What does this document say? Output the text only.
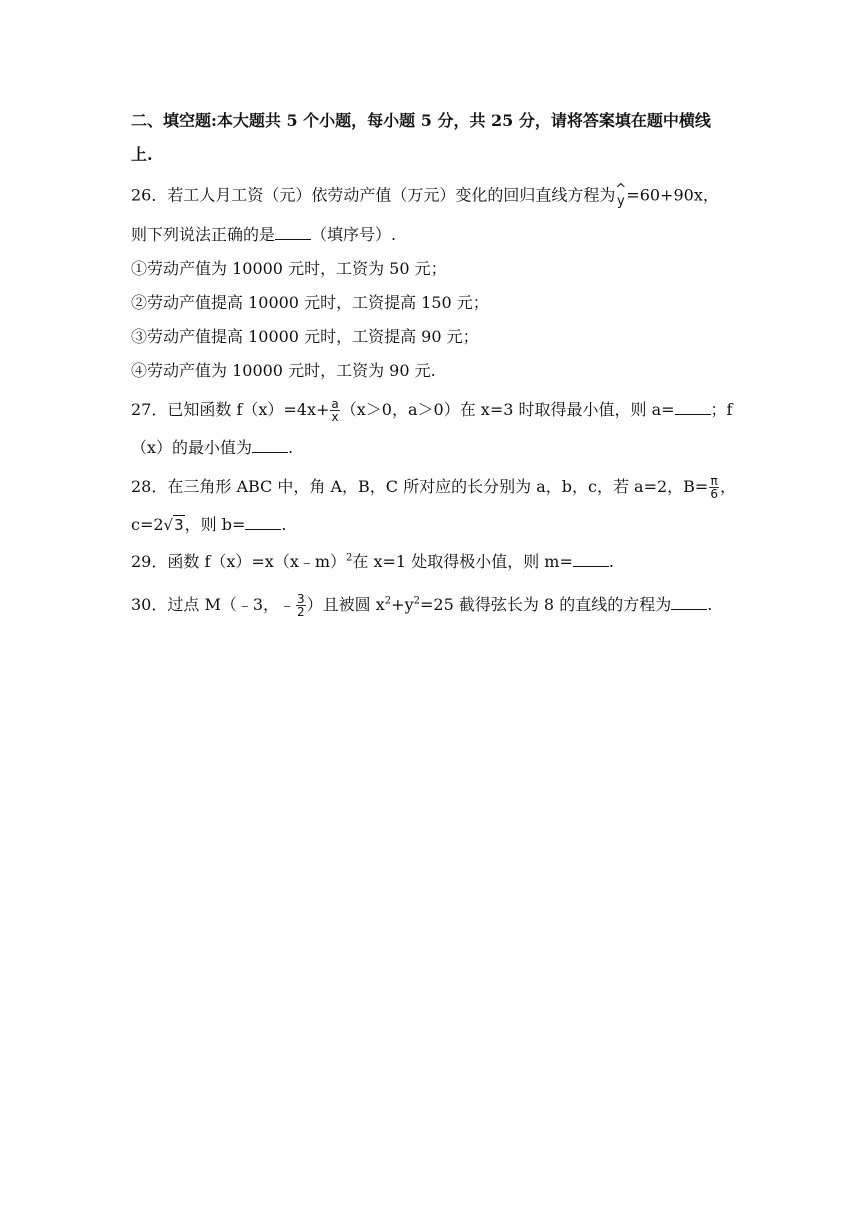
二、填空题:本大题共 5 个小题，每小题 5 分，共 25 分，请将答案填在题中横线
上.
26．若工人月工资（元）依劳动产值（万元）变化的回归直线方程为 ^
y =60+90x，
则下列说法正确的是 （填序号）.
①劳动产值为 10000 元时，工资为 50 元；
②劳动产值提高 10000 元时，工资提高 150 元；
③劳动产值提高 10000 元时，工资提高 90 元；
④劳动产值为 10000 元时，工资为 90 元.
27．已知函数 $f(x)=4x+ \frac{a}{x} (x>0$，a＞0）在 x=3 时取得最小值，则 a= ；f
（x）的最小值为 .
28．在三角形 ABC 中，角 A，B，C 所对应的长分别为 a，b，c，若 a=2，$B= \frac{\pi}{6}$ ，
c=2√3，则 b= .
29．函数 f（x）=x（x﹣m）$^2$在 x=1 处取得极小值，则 m= .
30．过点 M（﹣3，﹣ $\frac{3}{2}$ ）且被圆 $x^2+y^2=25$ 截得弦长为 8 的直线的方程为 .
